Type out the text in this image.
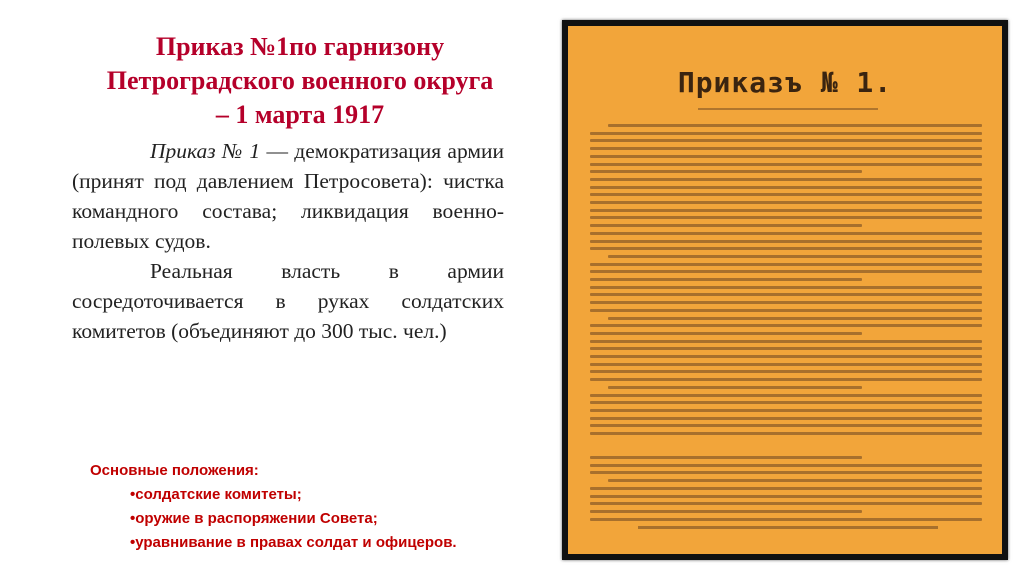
Приказ №1по гарнизону
Петроградского военного округа
– 1 марта 1917

Приказ № 1 — демократизация армии (принят под давлением Петросовета): чистка командного состава; ликвидация военно-полевых судов.

Реальная власть в армии сосредоточивается в руках солдатских комитетов (объединяют до 300 тыс. чел.)

Основные положения:
•солдатские комитеты;
•оружие в распоряжении Совета;
•уравнивание в правах солдат и офицеров.
Приказъ № 1.
